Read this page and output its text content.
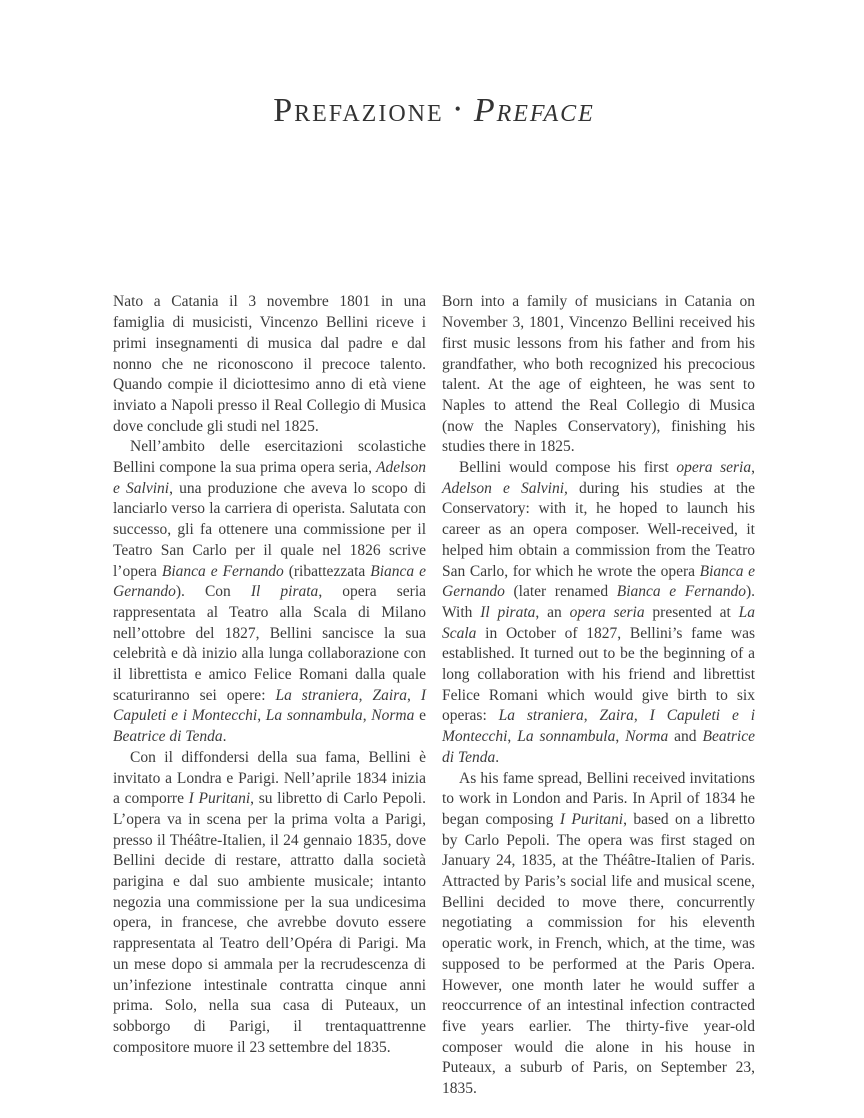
Prefazione • Preface

Nato a Catania il 3 novembre 1801 in una famiglia di musicisti, Vincenzo Bellini riceve i primi insegnamenti di musica dal padre e dal nonno che ne riconoscono il precoce talento. Quando compie il diciottesimo anno di età viene inviato a Napoli presso il Real Collegio di Musica dove conclude gli studi nel 1825.

Nell’ambito delle esercitazioni scolastiche Bellini compone la sua prima opera seria, Adelson e Salvini, una produzione che aveva lo scopo di lanciarlo verso la carriera di operista. Salutata con successo, gli fa ottenere una commissione per il Teatro San Carlo per il quale nel 1826 scrive l’opera Bianca e Fernando (ribattezzata Bianca e Gernando). Con Il pirata, opera seria rappresentata al Teatro alla Scala di Milano nell’ottobre del 1827, Bellini sancisce la sua celebrità e dà inizio alla lunga collaborazione con il librettista e amico Felice Romani dalla quale scaturiranno sei opere: La straniera, Zaira, I Capuleti e i Montecchi, La sonnambula, Norma e Beatrice di Tenda.

Con il diffondersi della sua fama, Bellini è invitato a Londra e Parigi. Nell’aprile 1834 inizia a comporre I Puritani, su libretto di Carlo Pepoli. L’opera va in scena per la prima volta a Parigi, presso il Théâtre-Italien, il 24 gennaio 1835, dove Bellini decide di restare, attratto dalla società parigina e dal suo ambiente musicale; intanto negozia una commissione per la sua undicesima opera, in francese, che avrebbe dovuto essere rappresentata al Teatro dell’Opéra di Parigi. Ma un mese dopo si ammala per la recrudescenza di un’infezione intestinale contratta cinque anni prima. Solo, nella sua casa di Puteaux, un sobborgo di Parigi, il trentaquattrenne compositore muore il 23 settembre del 1835.

Born into a family of musicians in Catania on November 3, 1801, Vincenzo Bellini received his first music lessons from his father and from his grandfather, who both recognized his precocious talent. At the age of eighteen, he was sent to Naples to attend the Real Collegio di Musica (now the Naples Conservatory), finishing his studies there in 1825.

Bellini would compose his first opera seria, Adelson e Salvini, during his studies at the Conservatory: with it, he hoped to launch his career as an opera composer. Well-received, it helped him obtain a commission from the Teatro San Carlo, for which he wrote the opera Bianca e Gernando (later renamed Bianca e Fernando). With Il pirata, an opera seria presented at La Scala in October of 1827, Bellini’s fame was established. It turned out to be the beginning of a long collaboration with his friend and librettist Felice Romani which would give birth to six operas: La straniera, Zaira, I Capuleti e i Montecchi, La sonnambula, Norma and Beatrice di Tenda.

As his fame spread, Bellini received invitations to work in London and Paris. In April of 1834 he began composing I Puritani, based on a libretto by Carlo Pepoli. The opera was first staged on January 24, 1835, at the Théâtre-Italien of Paris. Attracted by Paris’s social life and musical scene, Bellini decided to move there, concurrently negotiating a commission for his eleventh operatic work, in French, which, at the time, was supposed to be performed at the Paris Opera. However, one month later he would suffer a reoccurrence of an intestinal infection contracted five years earlier. The thirty-five year-old composer would die alone in his house in Puteaux, a suburb of Paris, on September 23, 1835.
